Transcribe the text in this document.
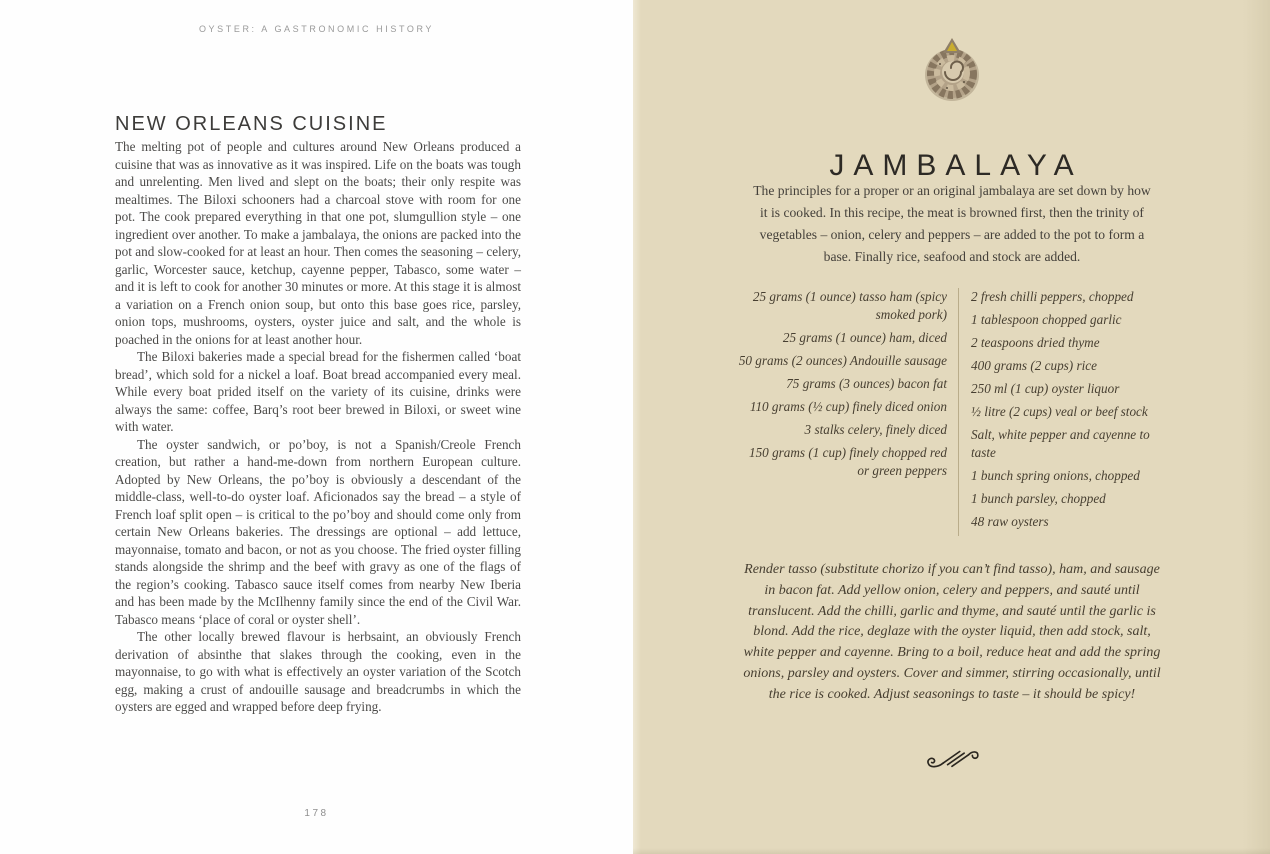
OYSTER: A GASTRONOMIC HISTORY
NEW ORLEANS CUISINE

The melting pot of people and cultures around New Orleans produced a cuisine that was as innovative as it was inspired. Life on the boats was tough and unrelenting. Men lived and slept on the boats; their only respite was mealtimes. The Biloxi schooners had a charcoal stove with room for one pot. The cook prepared everything in that one pot, slumgullion style – one ingredient over another. To make a jambalaya, the onions are packed into the pot and slow-cooked for at least an hour. Then comes the seasoning – celery, garlic, Worcester sauce, ketchup, cayenne pepper, Tabasco, some water – and it is left to cook for another 30 minutes or more. At this stage it is almost a variation on a French onion soup, but onto this base goes rice, parsley, onion tops, mushrooms, oysters, oyster juice and salt, and the whole is poached in the onions for at least another hour.

The Biloxi bakeries made a special bread for the fishermen called ‘boat bread’, which sold for a nickel a loaf. Boat bread accompanied every meal. While every boat prided itself on the variety of its cuisine, drinks were always the same: coffee, Barq’s root beer brewed in Biloxi, or sweet wine with water.

The oyster sandwich, or po’boy, is not a Spanish/Creole French creation, but rather a hand-me-down from northern European culture. Adopted by New Orleans, the po’boy is obviously a descendant of the middle-class, well-to-do oyster loaf. Aficionados say the bread – a style of French loaf split open – is critical to the po’boy and should come only from certain New Orleans bakeries. The dressings are optional – add lettuce, mayonnaise, tomato and bacon, or not as you choose. The fried oyster filling stands alongside the shrimp and the beef with gravy as one of the flags of the region’s cooking. Tabasco sauce itself comes from nearby New Iberia and has been made by the McIlhenny family since the end of the Civil War. Tabasco means ‘place of coral or oyster shell’.

The other locally brewed flavour is herbsaint, an obviously French derivation of absinthe that slakes through the cooking, even in the mayonnaise, to go with what is effectively an oyster variation of the Scotch egg, making a crust of andouille sausage and breadcrumbs in which the oysters are egged and wrapped before deep frying.

178
JAMBALAYA
The principles for a proper or an original jambalaya are set down by how it is cooked. In this recipe, the meat is browned first, then the trinity of vegetables – onion, celery and peppers – are added to the pot to form a base. Finally rice, seafood and stock are added.

25 grams (1 ounce) tasso ham (spicy smoked pork)

25 grams (1 ounce) ham, diced

50 grams (2 ounces) Andouille sausage

75 grams (3 ounces) bacon fat

110 grams (½ cup) finely diced onion

3 stalks celery, finely diced

150 grams (1 cup) finely chopped red or green peppers

2 fresh chilli peppers, chopped

1 tablespoon chopped garlic

2 teaspoons dried thyme

400 grams (2 cups) rice

250 ml (1 cup) oyster liquor

½ litre (2 cups) veal or beef stock

Salt, white pepper and cayenne to taste

1 bunch spring onions, chopped

1 bunch parsley, chopped

48 raw oysters

Render tasso (substitute chorizo if you can’t find tasso), ham, and sausage in bacon fat. Add yellow onion, celery and peppers, and sauté until translucent. Add the chilli, garlic and thyme, and sauté until the garlic is blond. Add the rice, deglaze with the oyster liquid, then add stock, salt, white pepper and cayenne. Bring to a boil, reduce heat and add the spring onions, parsley and oysters. Cover and simmer, stirring occasionally, until the rice is cooked. Adjust seasonings to taste – it should be spicy!
